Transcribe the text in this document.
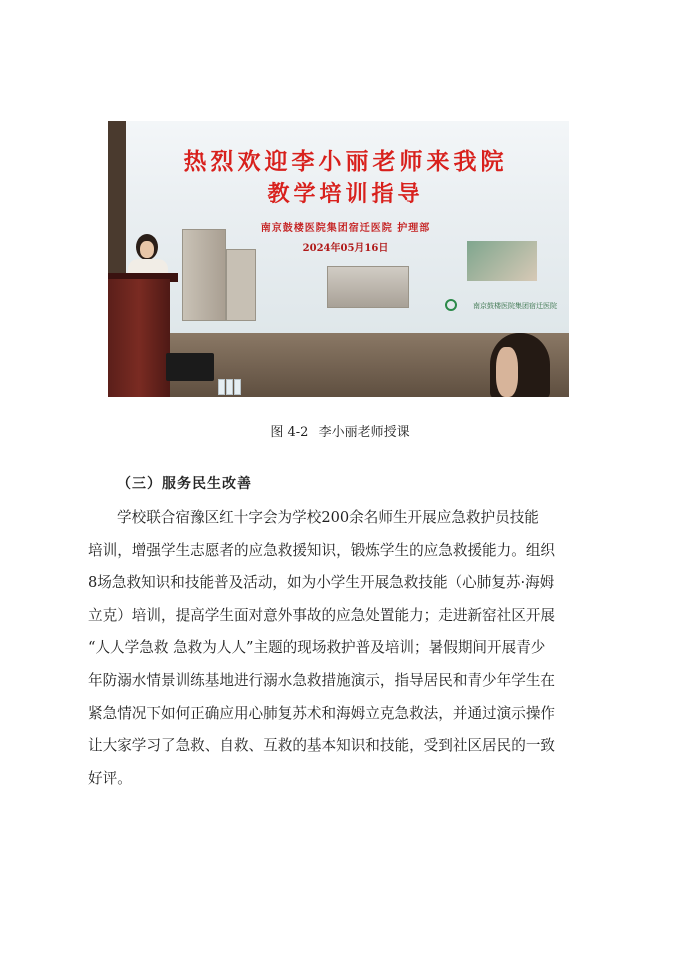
热烈欢迎李小丽老师来我院
教学培训指导
南京鼓楼医院集团宿迁医院 护理部
2024年05月16日
南京鼓楼医院集团宿迁医院
图 4-2 李小丽老师授课
（三）服务民生改善
学校联合宿豫区红十字会为学校200余名师生开展应急救护员技能
培训，增强学生志愿者的应急救援知识，锻炼学生的应急救援能力。组织
8场急救知识和技能普及活动，如为小学生开展急救技能（心肺复苏·海姆
立克）培训，提高学生面对意外事故的应急处置能力；走进新窑社区开展
“人人学急救 急救为人人”主题的现场救护普及培训；暑假期间开展青少
年防溺水情景训练基地进行溺水急救措施演示，指导居民和青少年学生在
紧急情况下如何正确应用心肺复苏术和海姆立克急救法，并通过演示操作
让大家学习了急救、自救、互救的基本知识和技能，受到社区居民的一致
好评。
